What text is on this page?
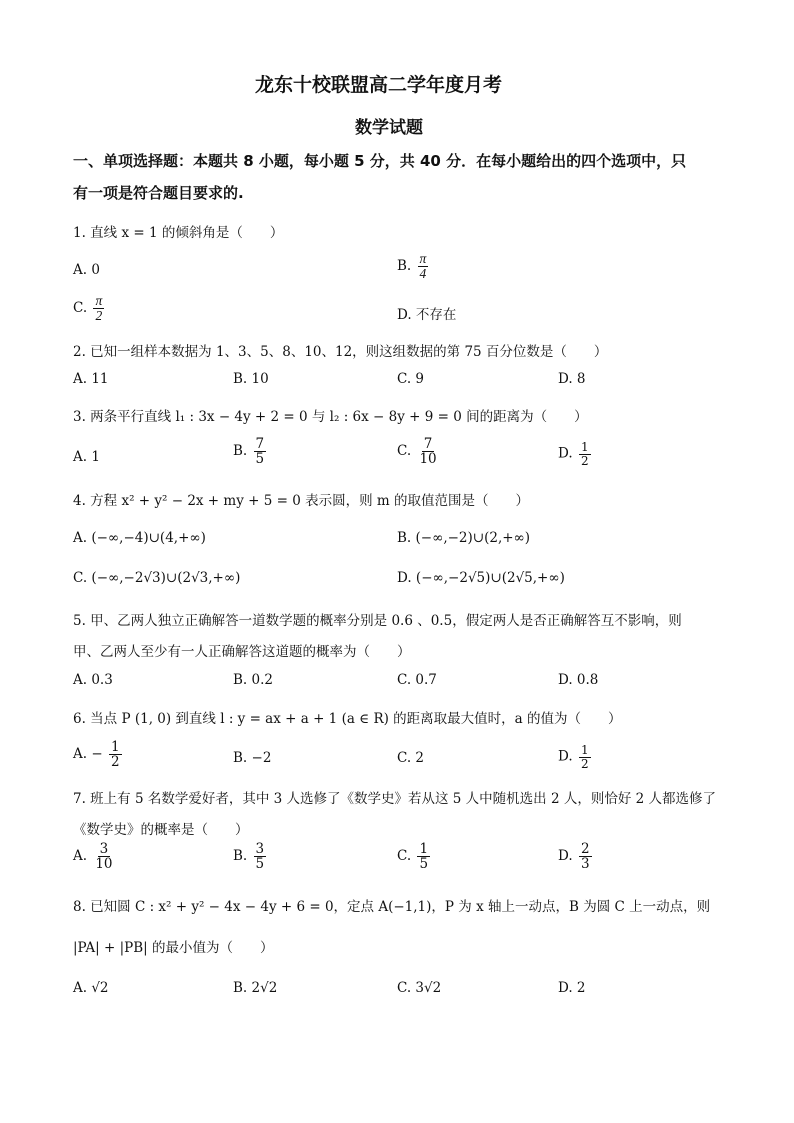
龙东十校联盟高二学年度月考
数学试题
一、单项选择题：本题共 8 小题，每小题 5 分，共 40 分．在每小题给出的四个选项中，只
有一项是符合题目要求的.
1. 直线 x = 1 的倾斜角是（　　）
A. 0	B. $\frac{\pi}{4}$
C. $\frac{\pi}{2}$	D. 不存在
2. 已知一组样本数据为 1、3、5、8、10、12，则这组数据的第 75 百分位数是（　　）
A. 11	B. 10	C. 9	D. 8
3. 两条平行直线 l₁ : 3x − 4y + 2 = 0 与 l₂ : 6x − 8y + 9 = 0 间的距离为（　　）
A. 1	B. $\frac{7}{5}$	C. $\frac{7}{10}$	D. $\frac{1}{2}$
4. 方程 x² + y² − 2x + my + 5 = 0 表示圆，则 m 的取值范围是（　　）
A. (−∞,−4)∪(4,+∞)	B. (−∞,−2)∪(2,+∞)
C. (−∞,−2√3)∪(2√3,+∞)	D. (−∞,−2√5)∪(2√5,+∞)
5. 甲、乙两人独立正确解答一道数学题的概率分别是 0.6 、0.5，假定两人是否正确解答互不影响，则
甲、乙两人至少有一人正确解答这道题的概率为（　　）
A. 0.3	B. 0.2	C. 0.7	D. 0.8
6. 当点 P (1, 0) 到直线 l : y = ax + a + 1 (a ∈ R) 的距离取最大值时，a 的值为（　　）
A. − $\frac{1}{2}$	B. −2	C. 2	D. $\frac{1}{2}$
7. 班上有 5 名数学爱好者，其中 3 人选修了《数学史》若从这 5 人中随机选出 2 人，则恰好 2 人都选修了
《数学史》的概率是（　　）
A. $\frac{3}{10}$	B. $\frac{3}{5}$	C. $\frac{1}{5}$	D. $\frac{2}{3}$
8. 已知圆 C : x² + y² − 4x − 4y + 6 = 0，定点 A(−1,1)，P 为 x 轴上一动点，B 为圆 C 上一动点，则
|PA| + |PB| 的最小值为（　　）
A. √2	B. 2√2	C. 3√2	D. 2
